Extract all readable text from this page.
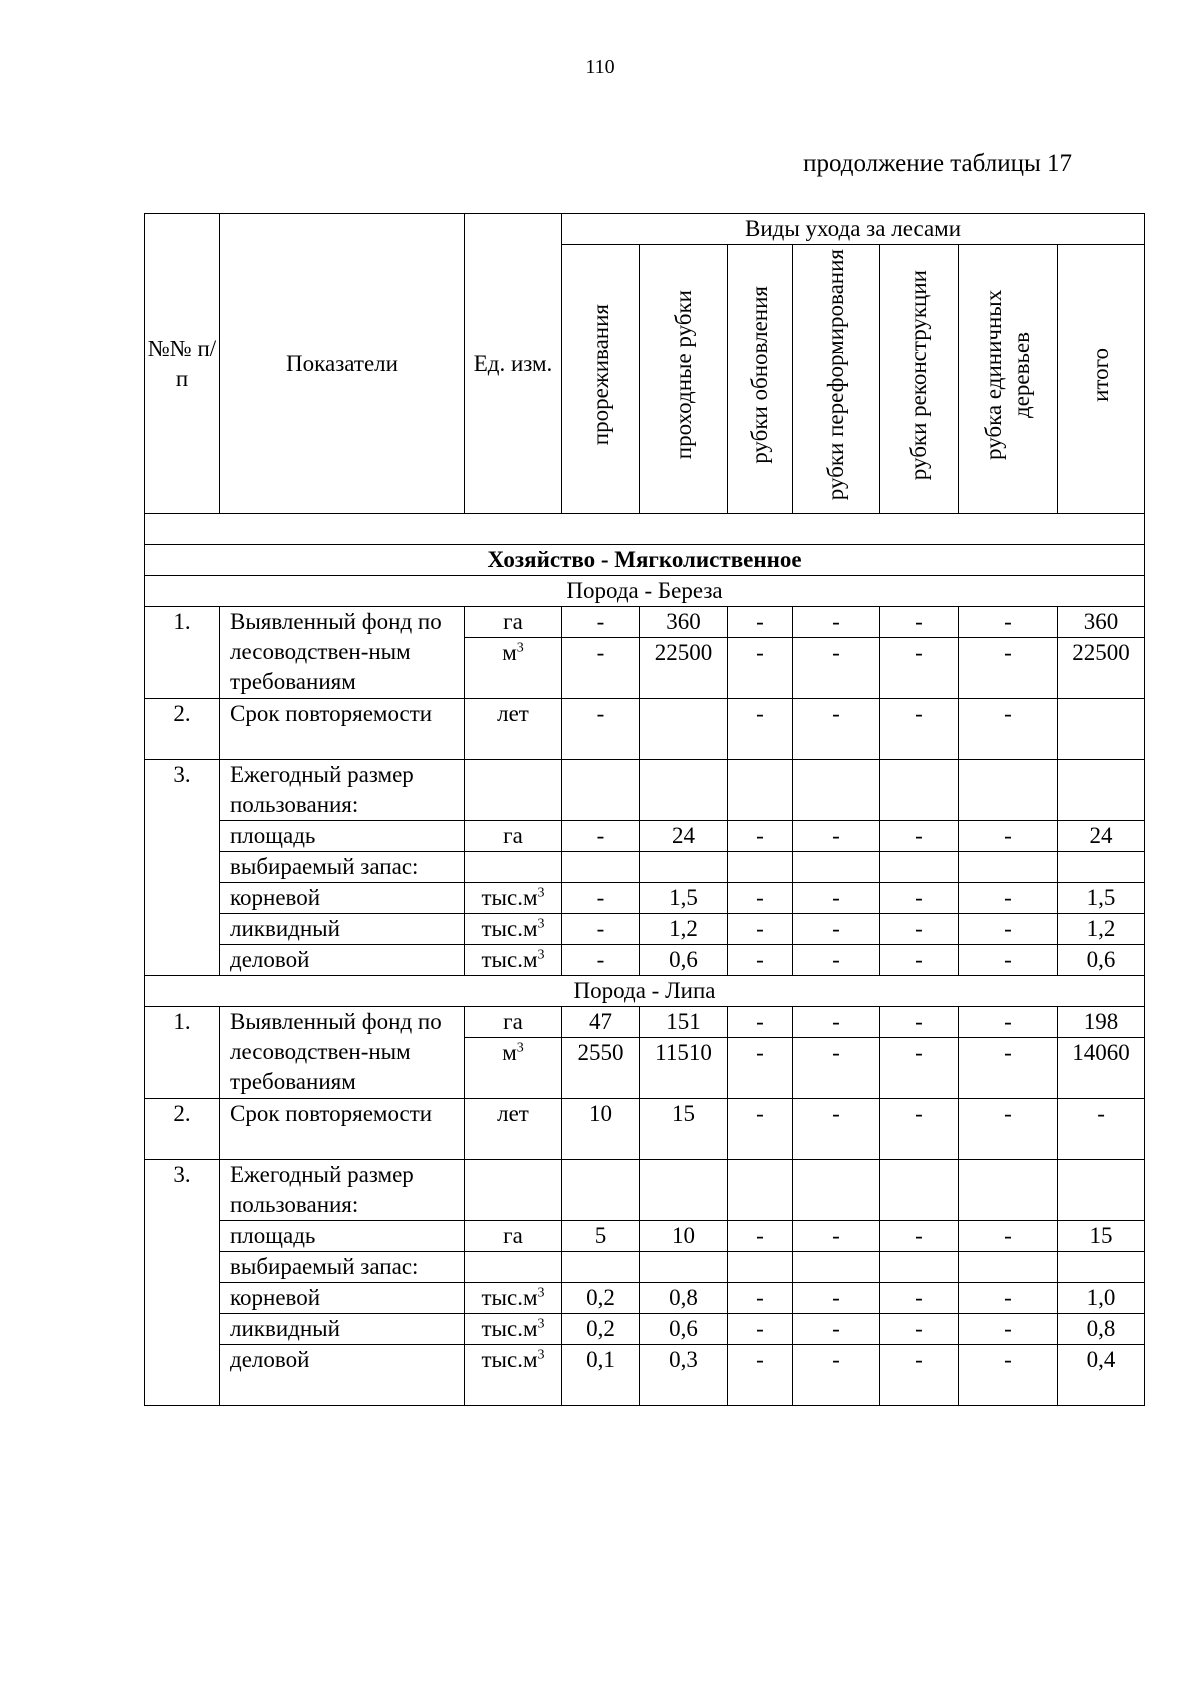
110
продолжение таблицы 17
№№ п/п	Показатели	Ед. изм.	Виды ухода за лесами						
			прореживания	проходные рубки	рубки обновления	рубки переформирования	рубки реконструкции	рубка единичных деревьев	итого

Хозяйство - Мягколиственное									
Порода - Береза									
1.	Выявленный фонд по лесоводствен-ным требованиям	га	-	360	-	-	-	-	360
		$м^3$	-	22500	-	-	-	-	22500
2.	Срок повторяемости	лет	-		-	-	-	-	
3.	Ежегодный размер пользования:								
	площадь	га	-	24	-	-	-	-	24
	выбираемый запас:								
	корневой	$тыс.м^3$	-	1,5	-	-	-	-	1,5
	ликвидный	$тыс.м^3$	-	1,2	-	-	-	-	1,2
	деловой	$тыс.м^3$	-	0,6	-	-	-	-	0,6
Порода - Липа									
1.	Выявленный фонд по лесоводствен-ным требованиям	га	47	151	-	-	-	-	198
		$м^3$	2550	11510	-	-	-	-	14060
2.	Срок повторяемости	лет	10	15	-	-	-	-	-
3.	Ежегодный размер пользования:								
	площадь	га	5	10	-	-	-	-	15
	выбираемый запас:								
	корневой	$тыс.м^3$	0,2	0,8	-	-	-	-	1,0
	ликвидный	$тыс.м^3$	0,2	0,6	-	-	-	-	0,8
	деловой	$тыс.м^3$	0,1	0,3	-	-	-	-	0,4
